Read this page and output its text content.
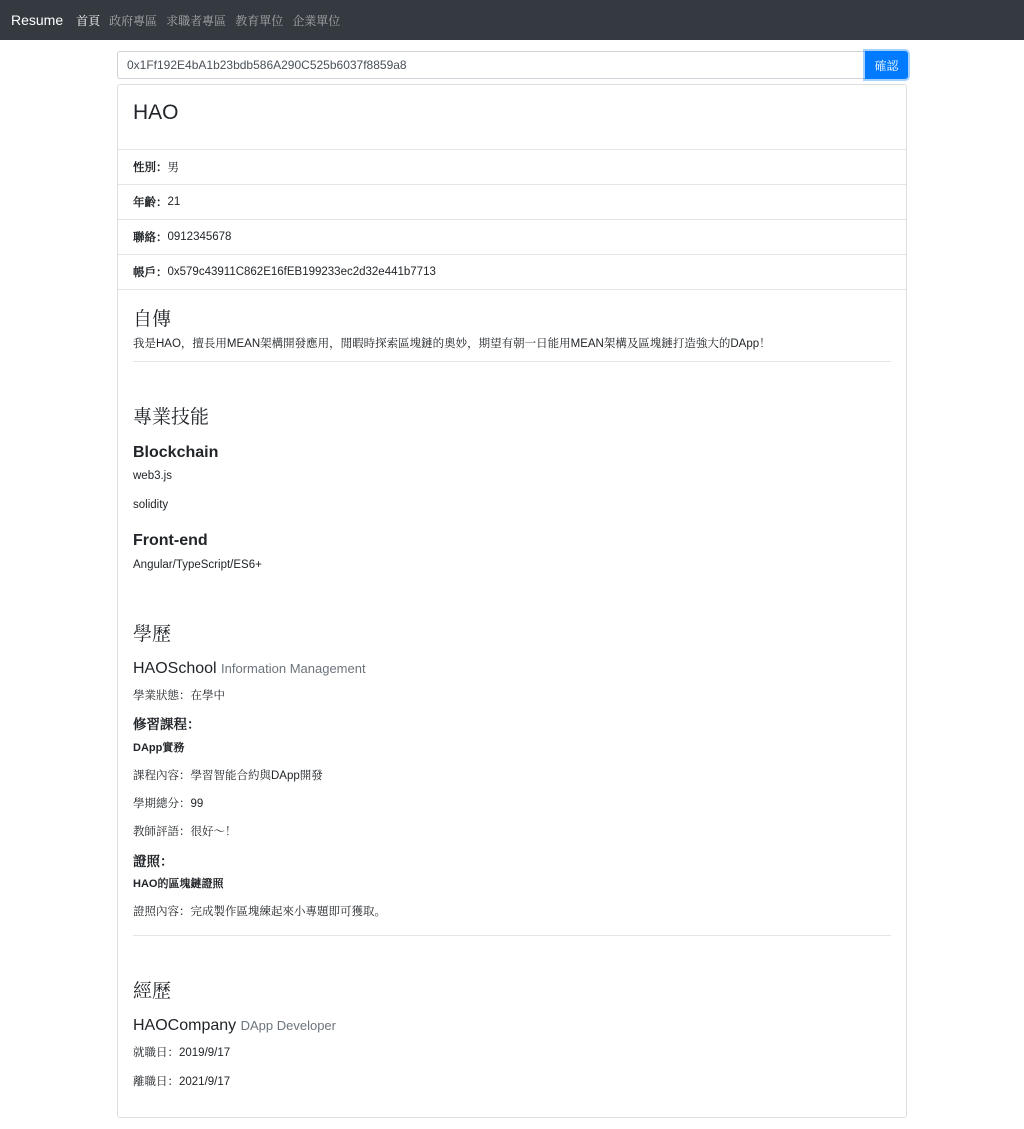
Resume 首頁 政府專區 求職者專區 教育單位 企業單位
0x1Ff192E4bA1b23bdb586A290C525b6037f8859a8
確認
HAO
性別： 男
年齡： 21
聯絡： 0912345678
帳戶： 0x579c43911C862E16fEB199233ec2d32e441b7713
自傳

我是HAO，擅長用MEAN架構開發應用，閒暇時探索區塊鏈的奧妙，期望有朝一日能用MEAN架構及區塊鏈打造強大的DApp！

專業技能
Blockchain

web3.js

solidity

Front-end

Angular/TypeScript/ES6+

學歷
HAOSchool Information Management

學業狀態：在學中

修習課程：

DApp實務

課程內容：學習智能合約與DApp開發

學期總分：99

教師評語：很好～！

證照：

HAO的區塊鏈證照

證照內容：完成製作區塊練起來小專題即可獲取。

經歷
HAOCompany DApp Developer

就職日：2019/9/17

離職日：2021/9/17
